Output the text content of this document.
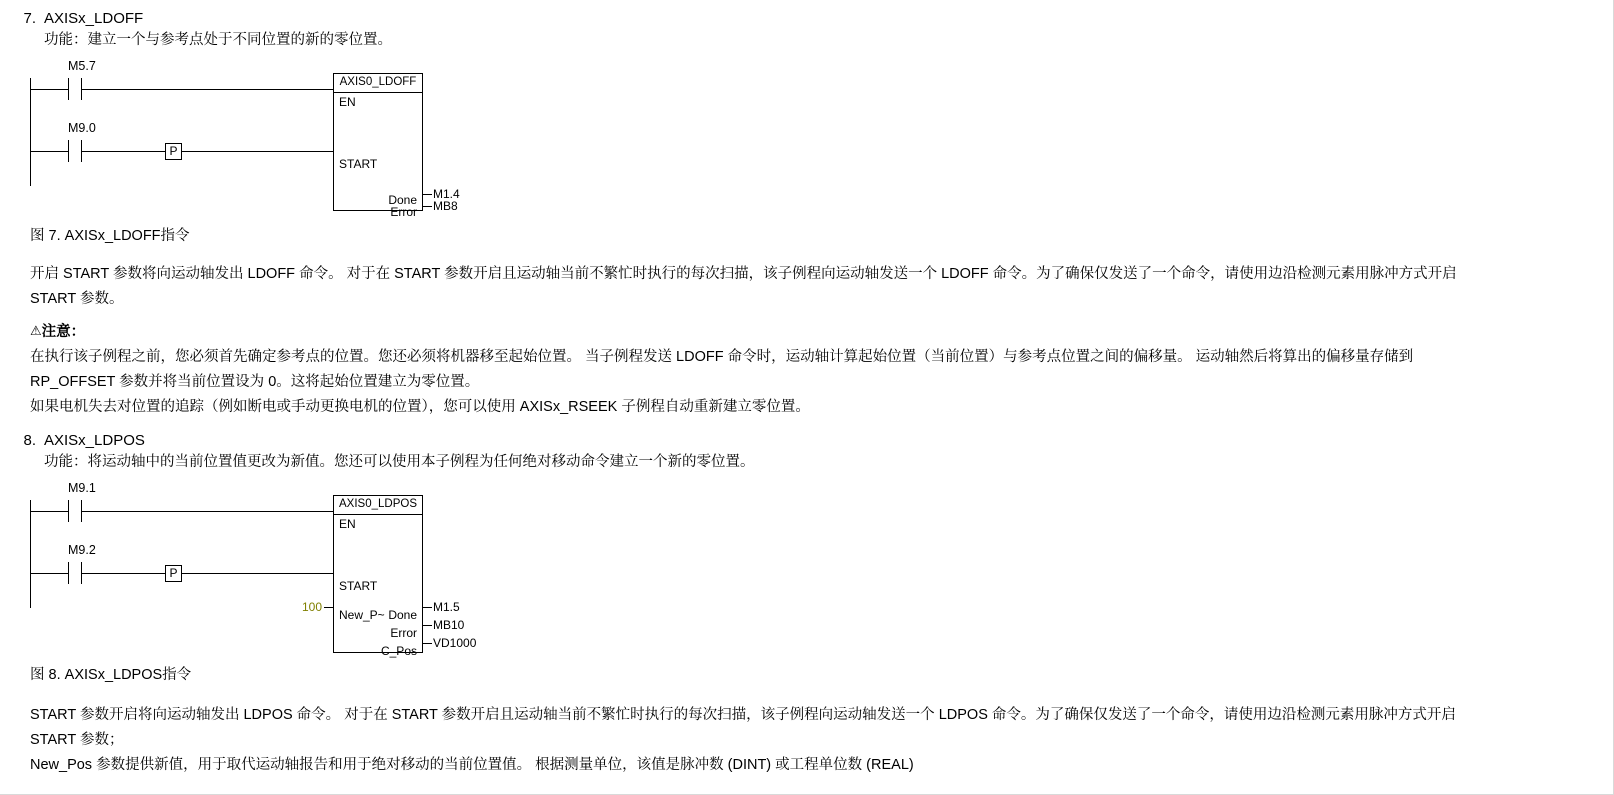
7. AXISx_LDOFF
功能：建立一个与参考点处于不同位置的新的零位置。
M5.7
M9.0
P
AXIS0_LDOFF
EN
START
Done
Error
M1.4
MB8
图 7. AXISx_LDOFF指令
开启 START 参数将向运动轴发出 LDOFF 命令。 对于在 START 参数开启且运动轴当前不繁忙时执行的每次扫描，该子例程向运动轴发送一个 LDOFF 命令。为了确保仅发送了一个命令，请使用边沿检测元素用脉冲方式开启
START 参数。
⚠注意：
在执行该子例程之前，您必须首先确定参考点的位置。您还必须将机器移至起始位置。 当子例程发送 LDOFF 命令时，运动轴计算起始位置（当前位置）与参考点位置之间的偏移量。 运动轴然后将算出的偏移量存储到
RP_OFFSET 参数并将当前位置设为 0。这将起始位置建立为零位置。
如果电机失去对位置的追踪（例如断电或手动更换电机的位置），您可以使用 AXISx_RSEEK 子例程自动重新建立零位置。
8. AXISx_LDPOS
功能：将运动轴中的当前位置值更改为新值。您还可以使用本子例程为任何绝对移动命令建立一个新的零位置。
M9.1
M9.2
P
AXIS0_LDPOS
EN
START
New_P~ Done
Error
C_Pos
100	M1.5
MB10
VD1000
图 8. AXISx_LDPOS指令
START 参数开启将向运动轴发出 LDPOS 命令。 对于在 START 参数开启且运动轴当前不繁忙时执行的每次扫描，该子例程向运动轴发送一个 LDPOS 命令。为了确保仅发送了一个命令，请使用边沿检测元素用脉冲方式开启
START 参数；
New_Pos 参数提供新值，用于取代运动轴报告和用于绝对移动的当前位置值。 根据测量单位，该值是脉冲数 (DINT) 或工程单位数 (REAL)
